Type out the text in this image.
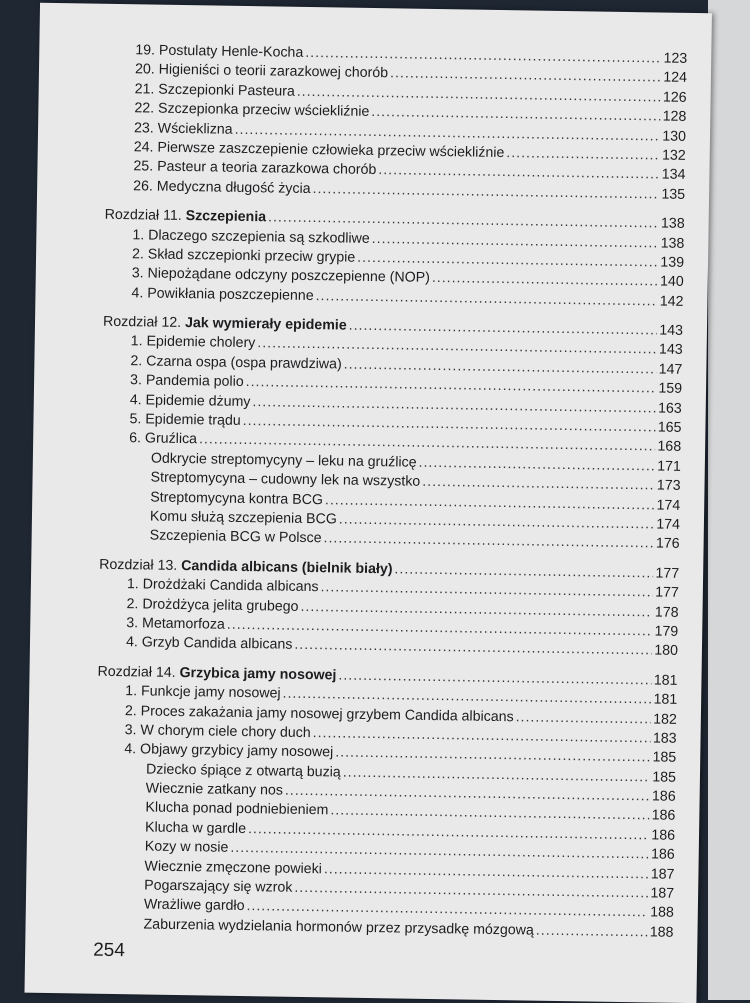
19. Postulaty Henle-Kocha .....	123
20. Higieniści o teorii zarazkowej chorób .....	124
21. Szczepionki Pasteura .....	126
22. Szczepionka przeciw wściekliźnie .....	128
23. Wścieklizna .....	130
24. Pierwsze zaszczepienie człowieka przeciw wściekliźnie .....	132
25. Pasteur a teoria zarazkowa chorób .....	134
26. Medyczna długość życia .....	135
Rozdział 11. Szczepienia .....	138
1. Dlaczego szczepienia są szkodliwe .....	138
2. Skład szczepionki przeciw grypie .....	139
3. Niepożądane odczyny poszczepienne (NOP) .....	140
4. Powikłania poszczepienne .....	142
Rozdział 12. Jak wymierały epidemie .....	143
1. Epidemie cholery .....	143
2. Czarna ospa (ospa prawdziwa) .....	147
3. Pandemia polio .....	159
4. Epidemie dżumy .....	163
5. Epidemie trądu .....	165
6. Gruźlica .....	168
Odkrycie streptomycyny – leku na gruźlicę .....	171
Streptomycyna – cudowny lek na wszystko .....	173
Streptomycyna kontra BCG .....	174
Komu służą szczepienia BCG .....	174
Szczepienia BCG w Polsce .....	176
Rozdział 13. Candida albicans (bielnik biały) .....	177
1. Drożdżaki Candida albicans .....	177
2. Drożdżyca jelita grubego .....	178
3. Metamorfoza .....	179
4. Grzyb Candida albicans .....	180
Rozdział 14. Grzybica jamy nosowej .....	181
1. Funkcje jamy nosowej .....	181
2. Proces zakażania jamy nosowej grzybem Candida albicans .....	182
3. W chorym ciele chory duch .....	183
4. Objawy grzybicy jamy nosowej .....	185
Dziecko śpiące z otwartą buzią .....	185
Wiecznie zatkany nos .....	186
Klucha ponad podniebieniem .....	186
Klucha w gardle .....	186
Kozy w nosie .....	186
Wiecznie zmęczone powieki .....	187
Pogarszający się wzrok .....	187
Wrażliwe gardło .....	188
Zaburzenia wydzielania hormonów przez przysadkę mózgową .....	188
254
